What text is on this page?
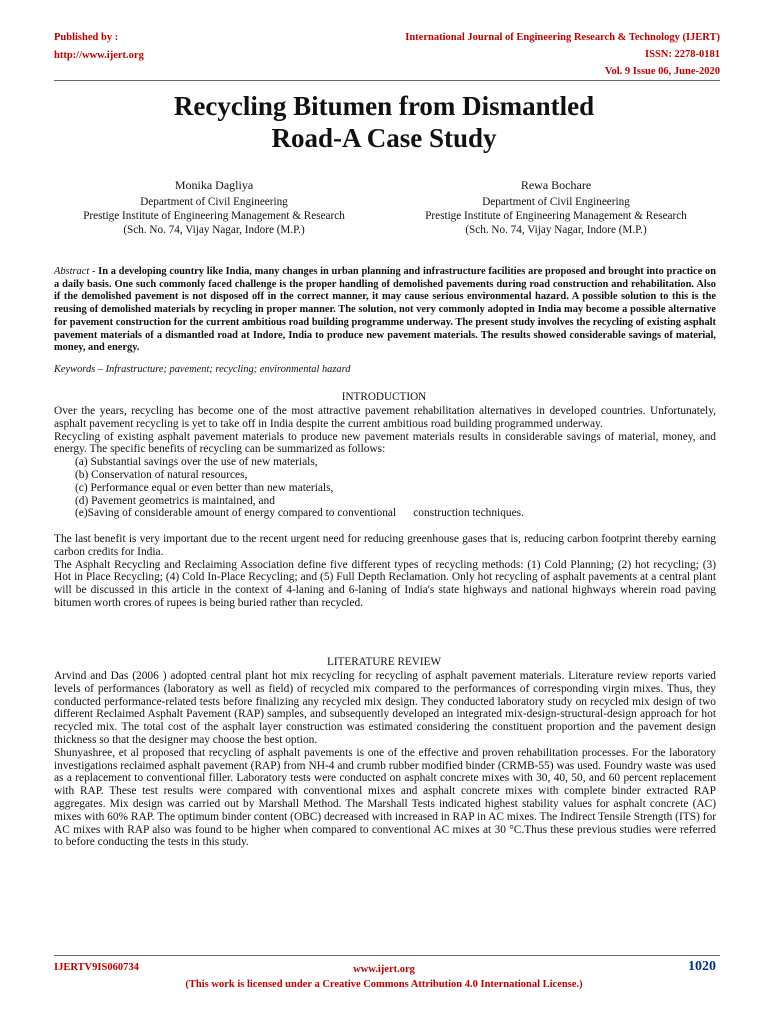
Published by :
http://www.ijert.org
International Journal of Engineering Research & Technology (IJERT)
ISSN: 2278-0181
Vol. 9 Issue 06, June-2020
Recycling Bitumen from Dismantled
Road-A Case Study
Monika Dagliya
Department of Civil Engineering
Prestige Institute of Engineering Management & Research
(Sch. No. 74, Vijay Nagar, Indore (M.P.)
Rewa Bochare
Department of Civil Engineering
Prestige Institute of Engineering Management & Research
(Sch. No. 74, Vijay Nagar, Indore (M.P.)

Abstract - In a developing country like India, many changes in urban planning and infrastructure facilities are proposed and brought into practice on a daily basis. One such commonly faced challenge is the proper handling of demolished pavements during road construction and rehabilitation. Also if the demolished pavement is not disposed off in the correct manner, it may cause serious environmental hazard. A possible solution to this is the reusing of demolished materials by recycling in proper manner. The solution, not very commonly adopted in India may become a possible alternative for pavement construction for the current ambitious road building programme underway. The present study involves the recycling of existing asphalt pavement materials of a dismantled road at Indore, India to produce new pavement materials. The results showed considerable savings of material, money, and energy.

Keywords – Infrastructure; pavement; recycling; environmental hazard

INTRODUCTION

Over the years, recycling has become one of the most attractive pavement rehabilitation alternatives in developed countries. Unfortunately, asphalt pavement recycling is yet to take off in India despite the current ambitious road building programmed underway.

Recycling of existing asphalt pavement materials to produce new pavement materials results in considerable savings of material, money, and energy. The specific benefits of recycling can be summarized as follows:

(a) Substantial savings over the use of new materials,
(b) Conservation of natural resources,
(c) Performance equal or even better than new materials,
(d) Pavement geometrics is maintained, and
(e)Saving of considerable amount of energy compared to conventional      construction techniques.

The last benefit is very important due to the recent urgent need for reducing greenhouse gases that is, reducing carbon footprint thereby earning carbon credits for India.

The Asphalt Recycling and Reclaiming Association define five different types of recycling methods: (1) Cold Planning; (2) hot recycling; (3) Hot in Place Recycling; (4) Cold In-Place Recycling; and (5) Full Depth Reclamation. Only hot recycling of asphalt pavements at a central plant will be discussed in this article in the context of 4-laning and 6-laning of India's state highways and national highways wherein road paving bitumen worth crores of rupees is being buried rather than recycled.

LITERATURE REVIEW

Arvind and Das (2006 ) adopted central plant hot mix recycling for recycling of asphalt pavement materials. Literature review reports varied levels of performances (laboratory as well as field) of recycled mix compared to the performances of corresponding virgin mixes. Thus, they conducted performance-related tests before finalizing any recycled mix design. They conducted laboratory study on recycled mix design of two different Reclaimed Asphalt Pavement (RAP) samples, and subsequently developed an integrated mix-design-structural-design approach for hot recycled mix. The total cost of the asphalt layer construction was estimated considering the constituent proportion and the pavement design thickness so that the designer may choose the best option.

Shunyashree, et al proposed that recycling of asphalt pavements is one of the effective and proven rehabilitation processes. For the laboratory investigations reclaimed asphalt pavement (RAP) from NH-4 and crumb rubber modified binder (CRMB-55) was used. Foundry waste was used as a replacement to conventional filler. Laboratory tests were conducted on asphalt concrete mixes with 30, 40, 50, and 60 percent replacement with RAP. These test results were compared with conventional mixes and asphalt concrete mixes with complete binder extracted RAP aggregates. Mix design was carried out by Marshall Method. The Marshall Tests indicated highest stability values for asphalt concrete (AC) mixes with 60% RAP. The optimum binder content (OBC) decreased with increased in RAP in AC mixes. The Indirect Tensile Strength (ITS) for AC mixes with RAP also was found to be higher when compared to conventional AC mixes at 30 °C.Thus these previous studies were referred to before conducting the tests in this study.

IJERTV9IS060734	www.ijert.org
(This work is licensed under a Creative Commons Attribution 4.0 International License.)
1020
